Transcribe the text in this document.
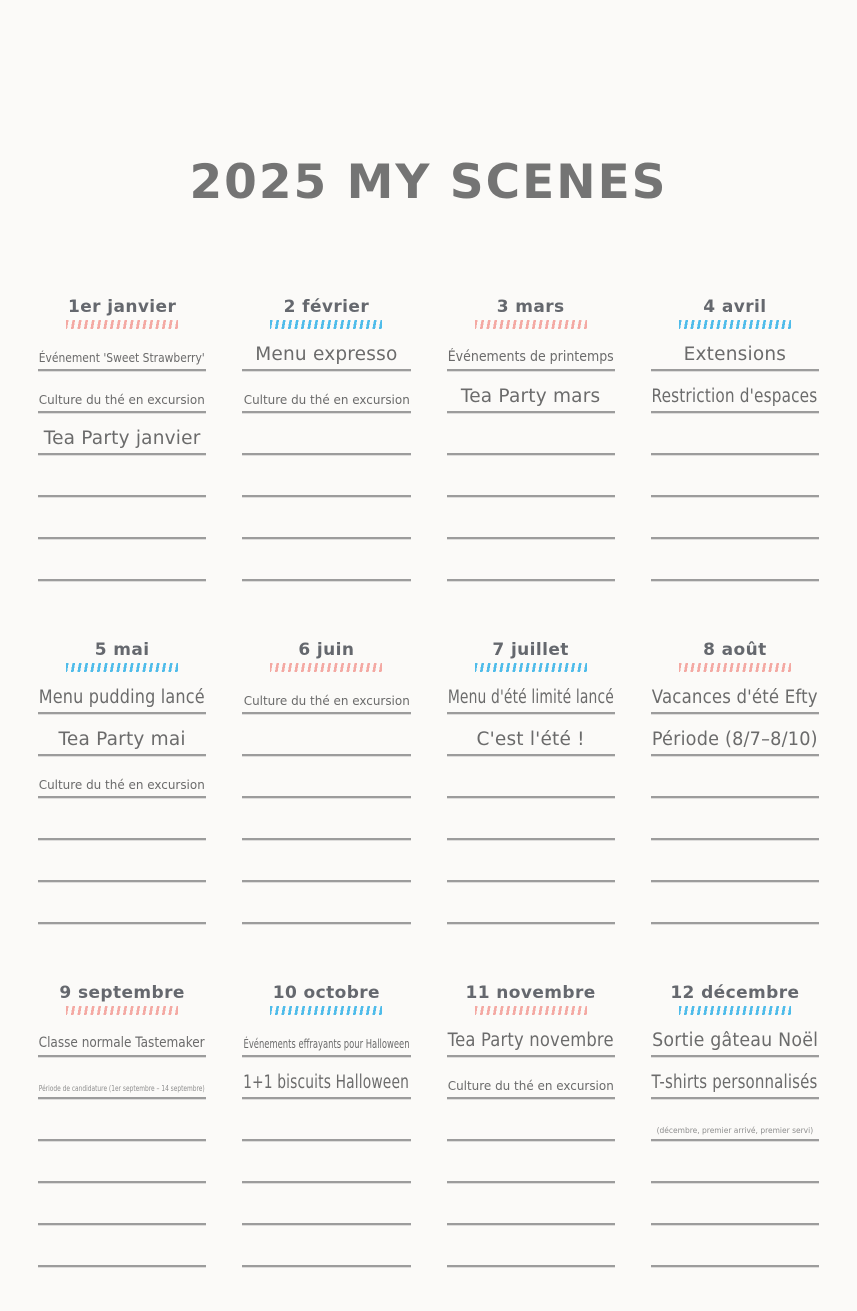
2025 MY SCENES
1er janvier
Événement 'Sweet Strawberry'
Culture du thé en excursion
Tea Party janvier
2 février
Menu expresso
Culture du thé en excursion
3 mars
Événements de printemps
Tea Party mars
4 avril
Extensions
Restriction d'espaces
5 mai
Menu pudding lancé
Tea Party mai
Culture du thé en excursion
6 juin
Culture du thé en excursion
7 juillet
Menu d'été limité lancé
C'est l'été !
8 août
Vacances d'été Efty
Période (8/7–8/10)
9 septembre
Classe normale Tastemaker
Période de candidature (1er septembre – 14 septembre)
10 octobre
Événements effrayants pour Halloween
1+1 biscuits Halloween
11 novembre
Tea Party novembre
Culture du thé en excursion
12 décembre
Sortie gâteau Noël
T-shirts personnalisés
(décembre, premier arrivé, premier servi)
